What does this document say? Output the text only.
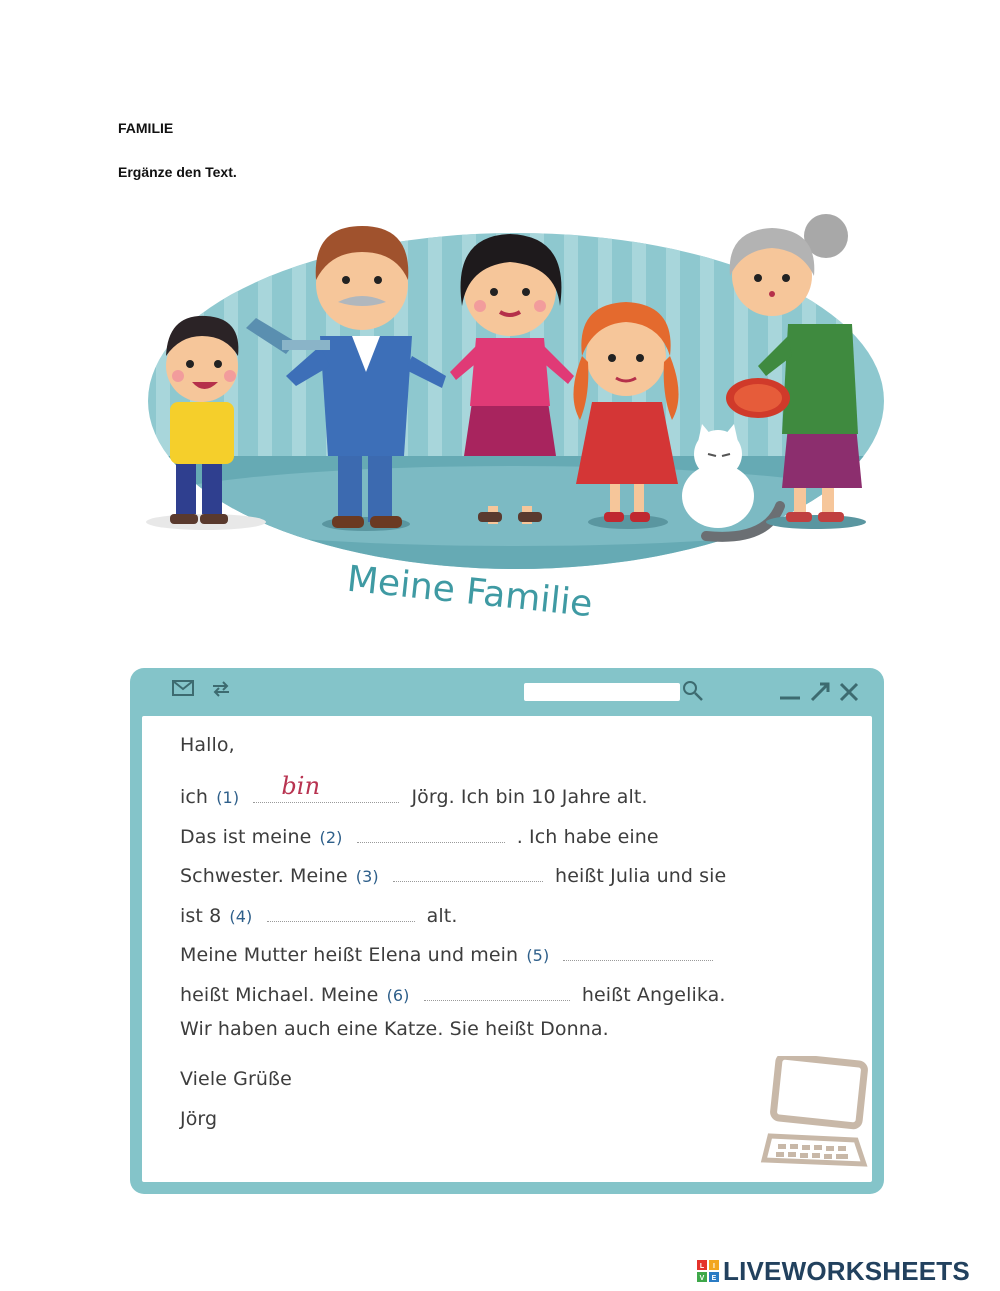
FAMILIE
Ergänze den Text.
Meine Familie
Hallo,
ich (1) bin	Jörg. Ich bin 10 Jahre alt.
Das ist meine (2)	. Ich habe eine
Schwester. Meine (3)	heißt Julia und sie
ist 8 (4)	alt.
Meine Mutter heißt Elena und mein (5)
heißt Michael. Meine (6)	heißt Angelika.
Wir haben auch eine Katze. Sie heißt Donna.
Viele Grüße
Jörg
L I
V E LIVEWORKSHEETS
